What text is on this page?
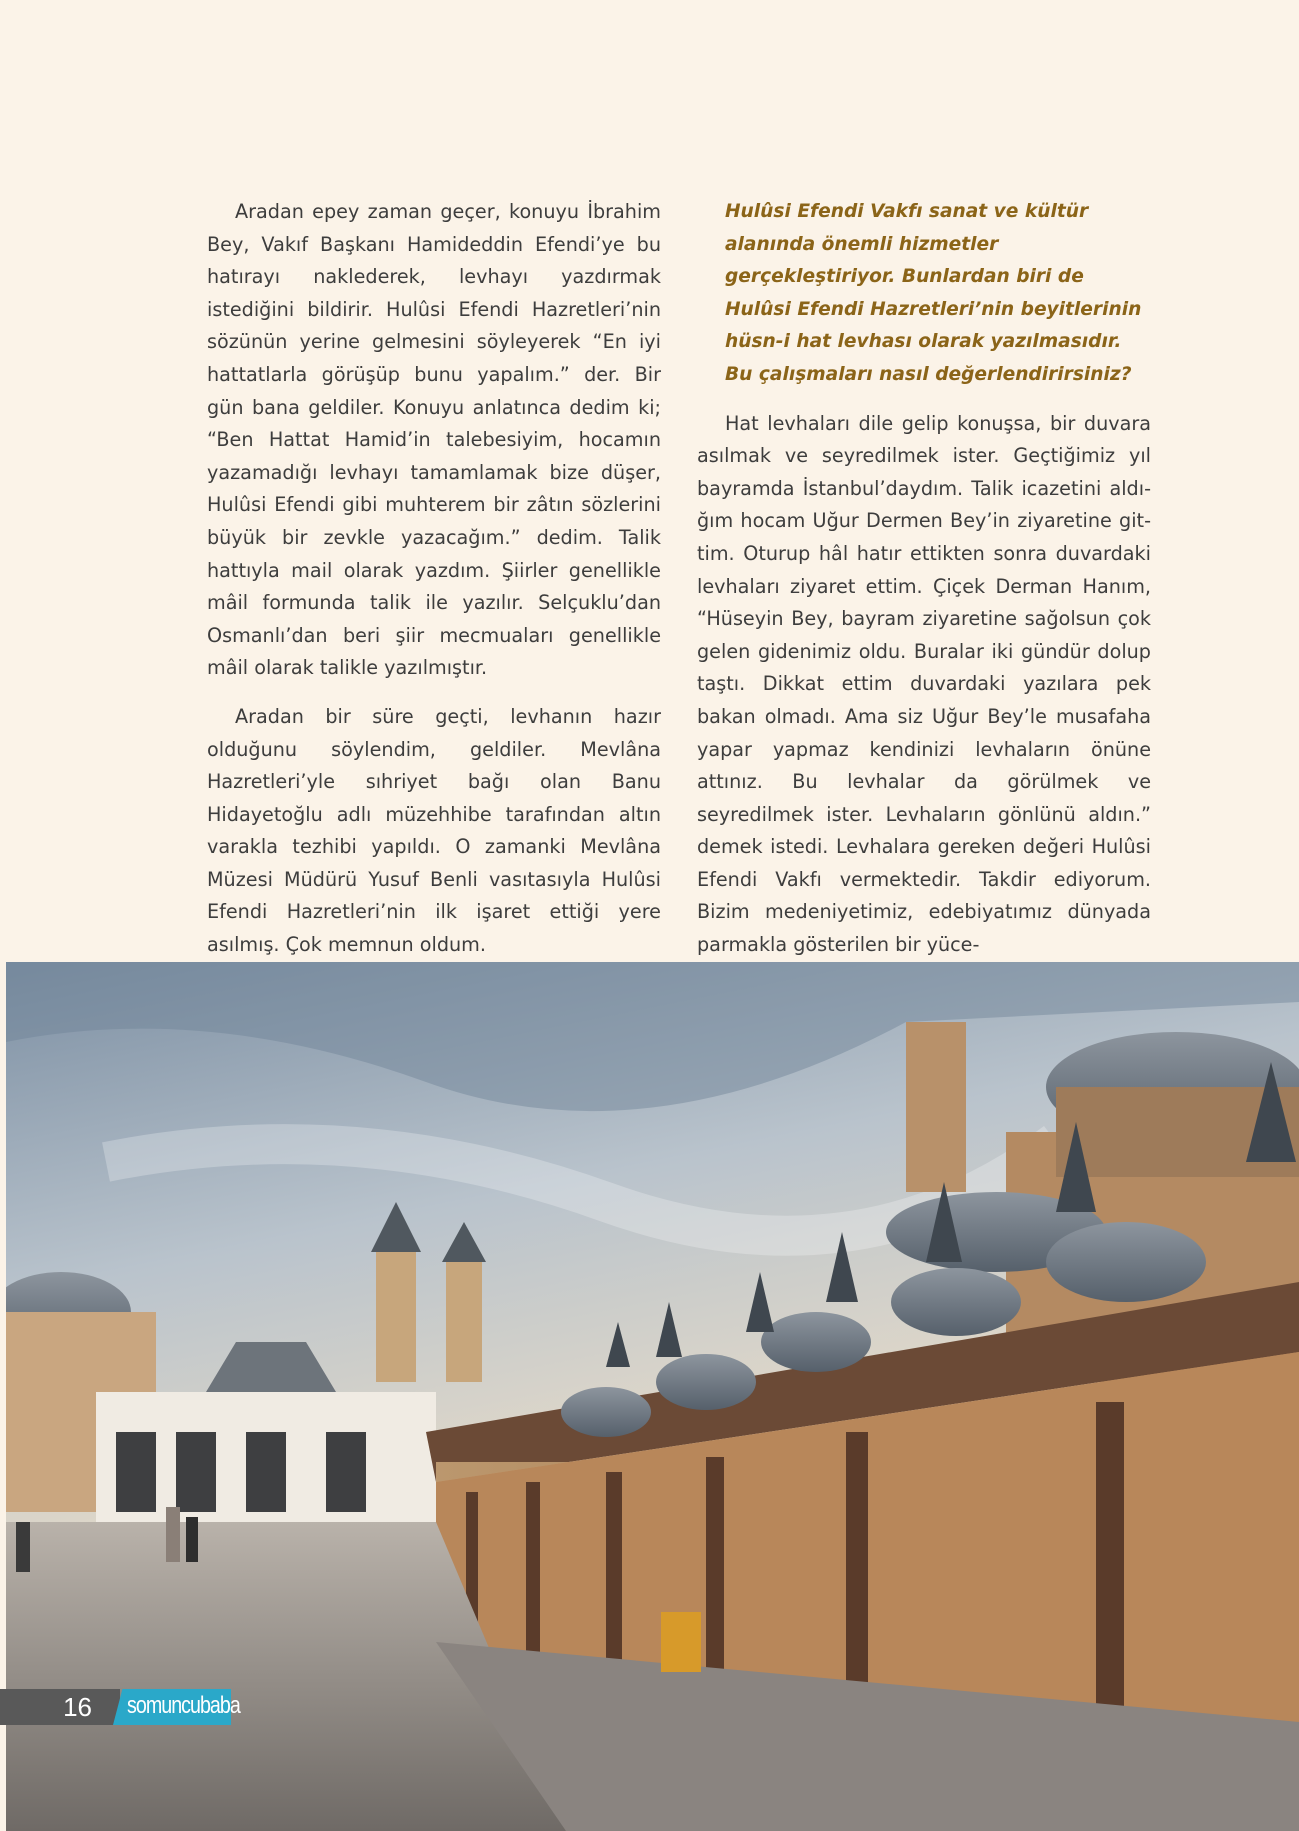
Aradan epey zaman geçer, konuyu İbrahim Bey, Vakıf Başkanı Hamideddin Efendi’ye bu hatırayı naklederek, levhayı yazdırmak istediğini bildirir. Hulûsi Efendi Hazretleri’nin sözünün yerine gelmesini söyleyerek “En iyi hattatlarla görüşüp bunu yapalım.” der. Bir gün bana geldiler. Konuyu anlatınca dedim ki; “Ben Hattat Hamid’in talebesiyim, hocamın yazamadığı levhayı tamamlamak bize düşer, Hulûsi Efendi gibi muhterem bir zâtın sözlerini büyük bir zevkle yazacağım.” dedim. Talik hattıyla mail olarak yazdım. Şiirler genellikle mâil formunda talik ile yazılır. Selçuklu’dan Osmanlı’dan beri şiir mecmuaları genellikle mâil olarak talikle yazılmıştır.

Aradan bir süre geçti, levhanın hazır olduğunu söylendim, geldiler. Mevlâna Hazretleri’yle sıhriyet bağı olan Banu Hidayetoğlu adlı müzehhibe tarafından altın varakla tezhibi yapıldı. O zamanki Mevlâna Müzesi Müdürü Yusuf Benli vasıtasıyla Hulûsi Efendi Hazretleri’nin ilk işaret ettiği yere asılmış. Çok memnun oldum.

Hulûsi Efendi Vakfı sanat ve kültür alanında önemli hizmetler gerçekleştiriyor. Bunlardan biri de Hulûsi Efendi Hazretleri’nin beyitlerinin hüsn-i hat levhası olarak yazılmasıdır. Bu çalışmaları nasıl değerlendirirsiniz?

Hat levhaları dile gelip konuşsa, bir duvara asılmak ve seyredilmek ister. Geçtiğimiz yıl bayramda İstanbul’daydım. Talik icazetini aldığım hocam Uğur Dermen Bey’in ziyaretine gittim. Oturup hâl hatır ettikten sonra duvardaki levhaları ziyaret ettim. Çiçek Derman Hanım, “Hüseyin Bey, bayram ziyaretine sağolsun çok gelen gidenimiz oldu. Buralar iki gündür dolup taştı. Dikkat ettim duvardaki yazılara pek bakan olmadı. Ama siz Uğur Bey’le musafaha yapar yapmaz kendinizi levhaların önüne attınız. Bu levhalar da görülmek ve seyredilmek ister. Levhaların gönlünü aldın.” demek istedi. Levhalara gereken değeri Hulûsi Efendi Vakfı vermektedir. Takdir ediyorum. Bizim medeniyetimiz, edebiyatımız dünyada parmakla gösterilen bir yüce-

16	somuncubaba
